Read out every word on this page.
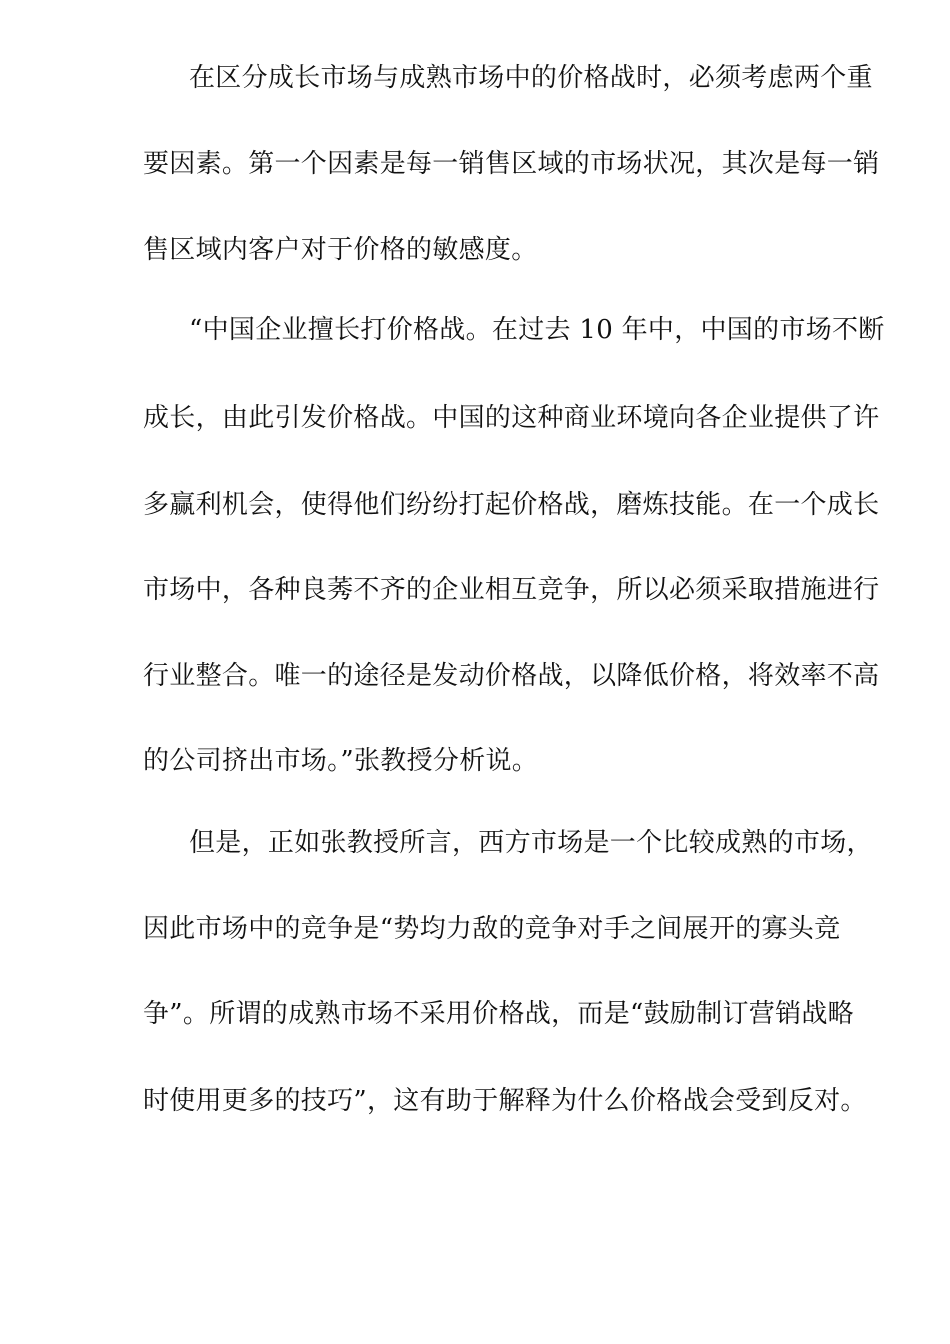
在区分成长市场与成熟市场中的价格战时，必须考虑两个重
要因素。第一个因素是每一销售区域的市场状况，其次是每一销
售区域内客户对于价格的敏感度。
“中国企业擅长打价格战。在过去 10 年中，中国的市场不断
成长，由此引发价格战。中国的这种商业环境向各企业提供了许
多赢利机会，使得他们纷纷打起价格战，磨炼技能。在一个成长
市场中，各种良莠不齐的企业相互竞争，所以必须采取措施进行
行业整合。唯一的途径是发动价格战，以降低价格，将效率不高
的公司挤出市场。”张教授分析说。
但是，正如张教授所言，西方市场是一个比较成熟的市场，
因此市场中的竞争是“势均力敌的竞争对手之间展开的寡头竞
争”。所谓的成熟市场不采用价格战，而是“鼓励制订营销战略
时使用更多的技巧”，这有助于解释为什么价格战会受到反对。
